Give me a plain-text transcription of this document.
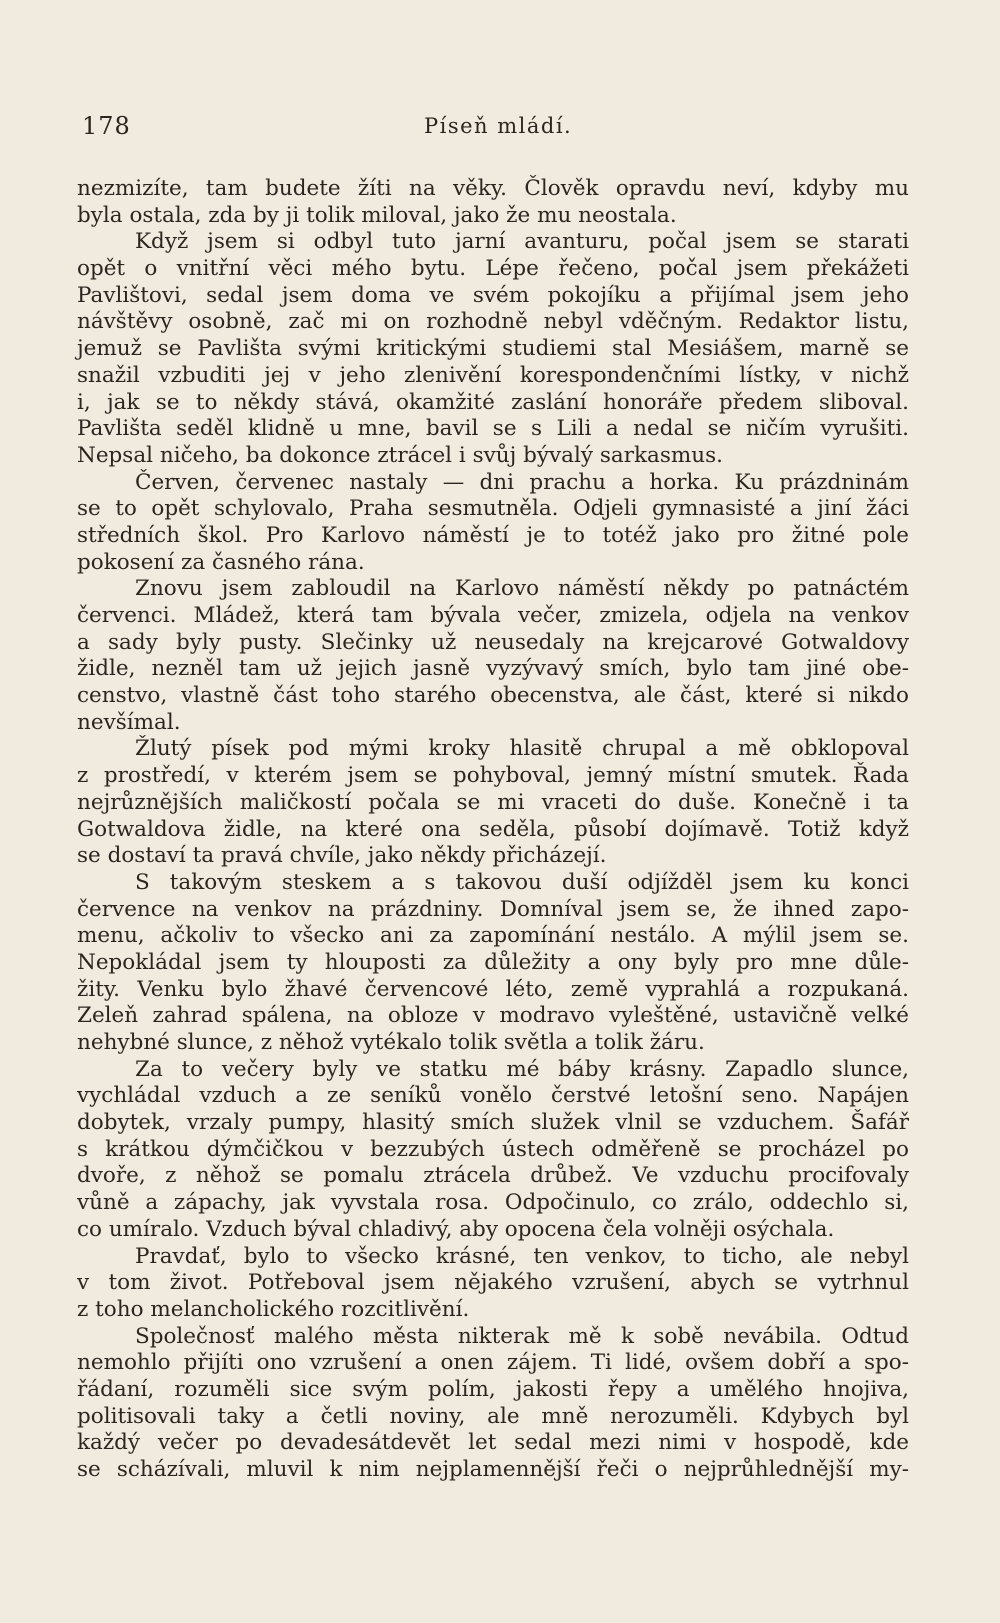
178	Píseň mládí.
nezmizíte, tam budete žíti na věky. Člověk opravdu neví, kdyby mu
byla ostala, zda by ji tolik miloval, jako že mu neostala.
Když jsem si odbyl tuto jarní avanturu, počal jsem se starati
opět o vnitřní věci mého bytu. Lépe řečeno, počal jsem překážeti
Pavlištovi, sedal jsem doma ve svém pokojíku a přijímal jsem jeho
návštěvy osobně, zač mi on rozhodně nebyl vděčným. Redaktor listu,
jemuž se Pavlišta svými kritickými studiemi stal Mesiášem, marně se
snažil vzbuditi jej v jeho zlenivění korespondenčními lístky, v nichž
i, jak se to někdy stává, okamžité zaslání honoráře předem sliboval.
Pavlišta seděl klidně u mne, bavil se s Lili a nedal se ničím vyrušiti.
Nepsal ničeho, ba dokonce ztrácel i svůj bývalý sarkasmus.
Červen, červenec nastaly — dni prachu a horka. Ku prázdninám
se to opět schylovalo, Praha sesmutněla. Odjeli gymnasisté a jiní žáci
středních škol. Pro Karlovo náměstí je to totéž jako pro žitné pole
pokosení za časného rána.
Znovu jsem zabloudil na Karlovo náměstí někdy po patnáctém
červenci. Mládež, která tam bývala večer, zmizela, odjela na venkov
a sady byly pusty. Slečinky už neusedaly na krejcarové Gotwaldovy
židle, nezněl tam už jejich jasně vyzývavý smích, bylo tam jiné obe-
censtvo, vlastně část toho starého obecenstva, ale část, které si nikdo
nevšímal.
Žlutý písek pod mými kroky hlasitě chrupal a mě obklopoval
z prostředí, v kterém jsem se pohyboval, jemný místní smutek. Řada
nejrůznějších maličkostí počala se mi vraceti do duše. Konečně i ta
Gotwaldova židle, na které ona seděla, působí dojímavě. Totiž když
se dostaví ta pravá chvíle, jako někdy přicházejí.
S takovým steskem a s takovou duší odjížděl jsem ku konci
července na venkov na prázdniny. Domníval jsem se, že ihned zapo-
menu, ačkoliv to všecko ani za zapomínání nestálo. A mýlil jsem se.
Nepokládal jsem ty hlouposti za důležity a ony byly pro mne důle-
žity. Venku bylo žhavé červencové léto, země vyprahlá a rozpukaná.
Zeleň zahrad spálena, na obloze v modravo vyleštěné, ustavičně velké
nehybné slunce, z něhož vytékalo tolik světla a tolik žáru.
Za to večery byly ve statku mé báby krásny. Zapadlo slunce,
vychládal vzduch a ze seníků vonělo čerstvé letošní seno. Napájen
dobytek, vrzaly pumpy, hlasitý smích služek vlnil se vzduchem. Šafář
s krátkou dýmčičkou v bezzubých ústech odměřeně se procházel po
dvoře, z něhož se pomalu ztrácela drůbež. Ve vzduchu procifovaly
vůně a zápachy, jak vyvstala rosa. Odpočinulo, co zrálo, oddechlo si,
co umíralo. Vzduch býval chladivý, aby opocena čela volněji osýchala.
Pravdať, bylo to všecko krásné, ten venkov, to ticho, ale nebyl
v tom život. Potřeboval jsem nějakého vzrušení, abych se vytrhnul
z toho melancholického rozcitlivění.
Společnosť malého města nikterak mě k sobě nevábila. Odtud
nemohlo přijíti ono vzrušení a onen zájem. Ti lidé, ovšem dobří a spo-
řádaní, rozuměli sice svým polím, jakosti řepy a umělého hnojiva,
politisovali taky a četli noviny, ale mně nerozuměli. Kdybych byl
každý večer po devadesátdevět let sedal mezi nimi v hospodě, kde
se scházívali, mluvil k nim nejplamennější řeči o nejprůhlednější my-
